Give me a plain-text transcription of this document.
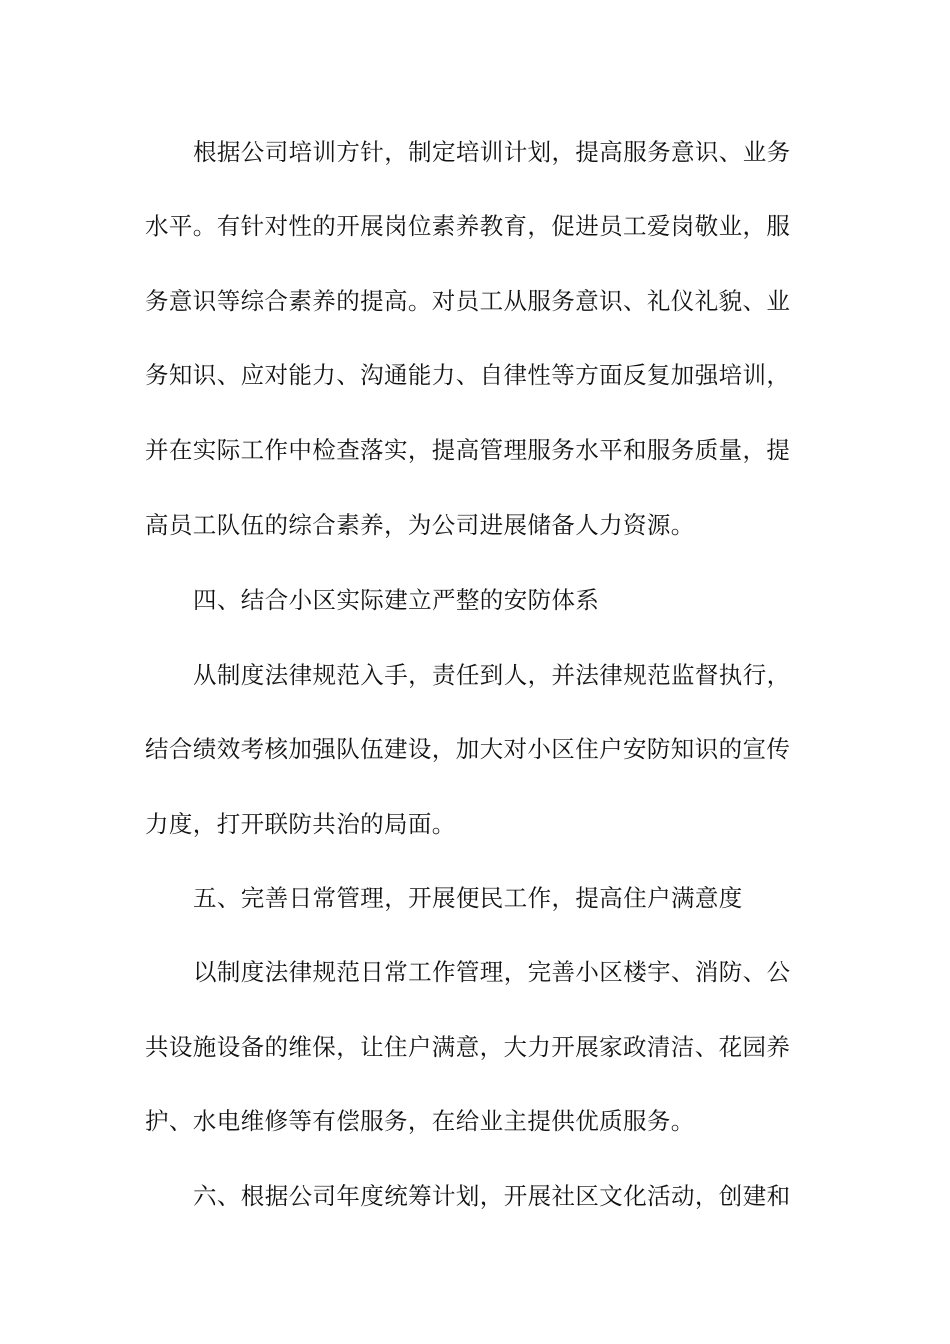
根据公司培训方针，制定培训计划，提高服务意识、业务
水平。有针对性的开展岗位素养教育，促进员工爱岗敬业，服
务意识等综合素养的提高。对员工从服务意识、礼仪礼貌、业
务知识、应对能力、沟通能力、自律性等方面反复加强培训，
并在实际工作中检查落实，提高管理服务水平和服务质量，提
高员工队伍的综合素养，为公司进展储备人力资源。
四、结合小区实际建立严整的安防体系
从制度法律规范入手，责任到人，并法律规范监督执行，
结合绩效考核加强队伍建设，加大对小区住户安防知识的宣传
力度，打开联防共治的局面。
五、完善日常管理，开展便民工作，提高住户满意度
以制度法律规范日常工作管理，完善小区楼宇、消防、公
共设施设备的维保，让住户满意，大力开展家政清洁、花园养
护、水电维修等有偿服务，在给业主提供优质服务。
六、根据公司年度统筹计划，开展社区文化活动，创建和
